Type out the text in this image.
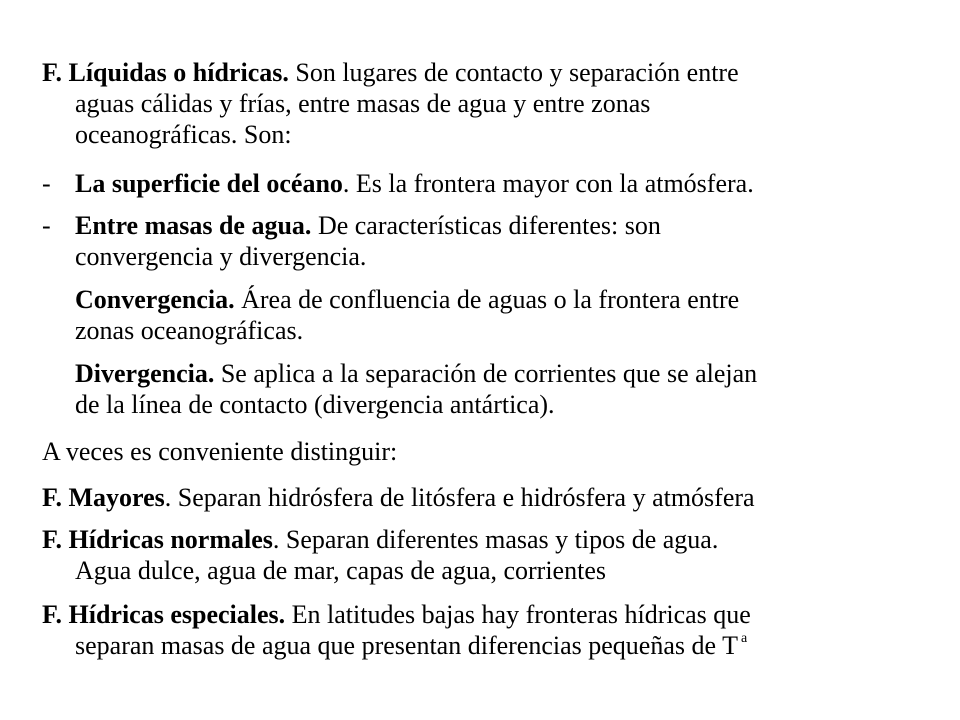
F. Líquidas o hídricas. Son lugares de contacto y separación entre
aguas cálidas y frías, entre masas de agua y entre zonas
oceanográficas. Son:

- La superficie del océano. Es la frontera mayor con la atmósfera.

- Entre masas de agua. De características diferentes: son
convergencia y divergencia.

Convergencia. Área de confluencia de aguas o la frontera entre
zonas oceanográficas.

Divergencia. Se aplica a la separación de corrientes que se alejan
de la línea de contacto (divergencia antártica).

A veces es conveniente distinguir:

F. Mayores. Separan hidrósfera de litósfera e hidrósfera y atmósfera

F. Hídricas normales. Separan diferentes masas y tipos de agua.
Agua dulce, agua de mar, capas de agua, corrientes

F. Hídricas especiales. En latitudes bajas hay fronteras hídricas que
separan masas de agua que presentan diferencias pequeñas de T $^a$
